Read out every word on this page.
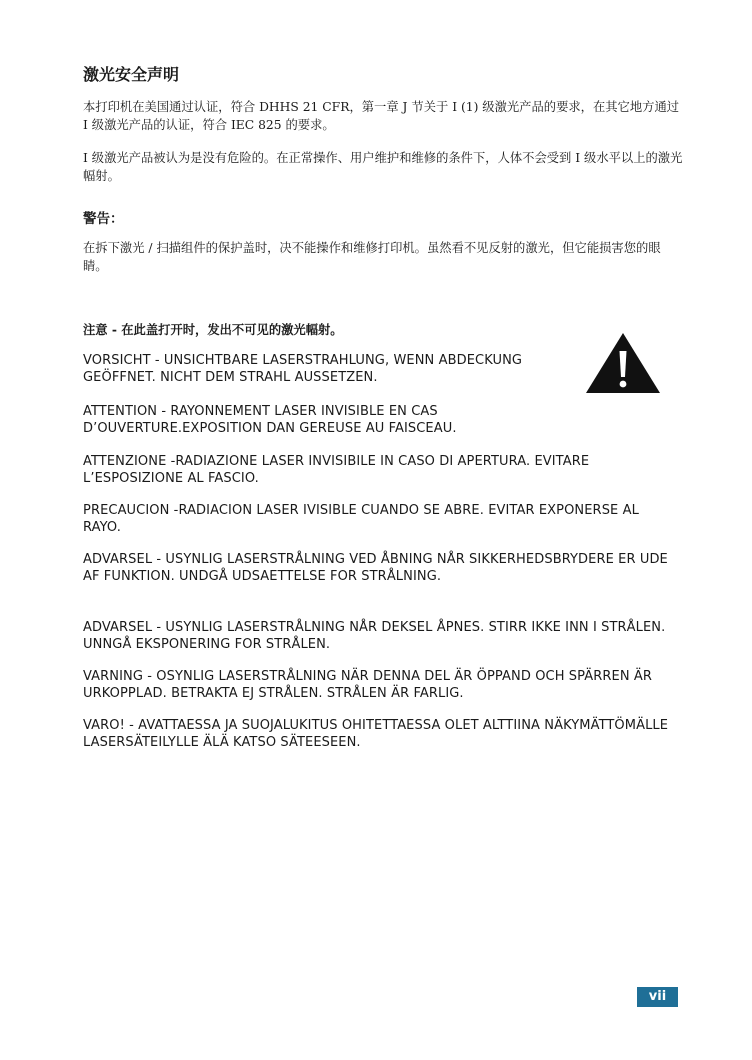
激光安全声明

本打印机在美国通过认证，符合 DHHS 21 CFR，第一章 J 节关于 I (1) 级激光产品的要求，在其它地方通过 I 级激光产品的认证，符合 IEC 825 的要求。

I 级激光产品被认为是没有危险的。在正常操作、用户维护和维修的条件下，人体不会受到 I 级水平以上的激光幅射。

警告：

在拆下激光 / 扫描组件的保护盖时，决不能操作和维修打印机。虽然看不见反射的激光，但它能损害您的眼睛。

注意 - 在此盖打开时，发出不可见的激光幅射。

VORSICHT - UNSICHTBARE LASERSTRAHLUNG, WENN ABDECKUNG GEÖFFNET. NICHT DEM STRAHL AUSSETZEN.

ATTENTION - RAYONNEMENT LASER INVISIBLE EN CAS D’OUVERTURE.EXPOSITION DAN GEREUSE AU FAISCEAU.

ATTENZIONE -RADIAZIONE LASER INVISIBILE IN CASO DI APERTURA. EVITARE L’ESPOSIZIONE AL FASCIO.

PRECAUCION -RADIACION LASER IVISIBLE CUANDO SE ABRE. EVITAR EXPONERSE AL RAYO.

ADVARSEL - USYNLIG LASERSTRÅLNING VED ÅBNING NÅR SIKKERHEDSBRYDERE ER UDE AF FUNKTION. UNDGÅ UDSAETTELSE FOR STRÅLNING.

ADVARSEL - USYNLIG LASERSTRÅLNING NÅR DEKSEL ÅPNES. STIRR IKKE INN I STRÅLEN. UNNGÅ EKSPONERING FOR STRÅLEN.

VARNING - OSYNLIG LASERSTRÅLNING NÄR DENNA DEL ÄR ÖPPAND OCH SPÄRREN ÄR URKOPPLAD. BETRAKTA EJ STRÅLEN. STRÅLEN ÄR FARLIG.

VARO! - AVATTAESSA JA SUOJALUKITUS OHITETTAESSA OLET ALTTIINA NÄKYMÄTTÖMÄLLE LASERSÄTEILYLLE ÄLÄ KATSO SÄTEESEEN.

vii
